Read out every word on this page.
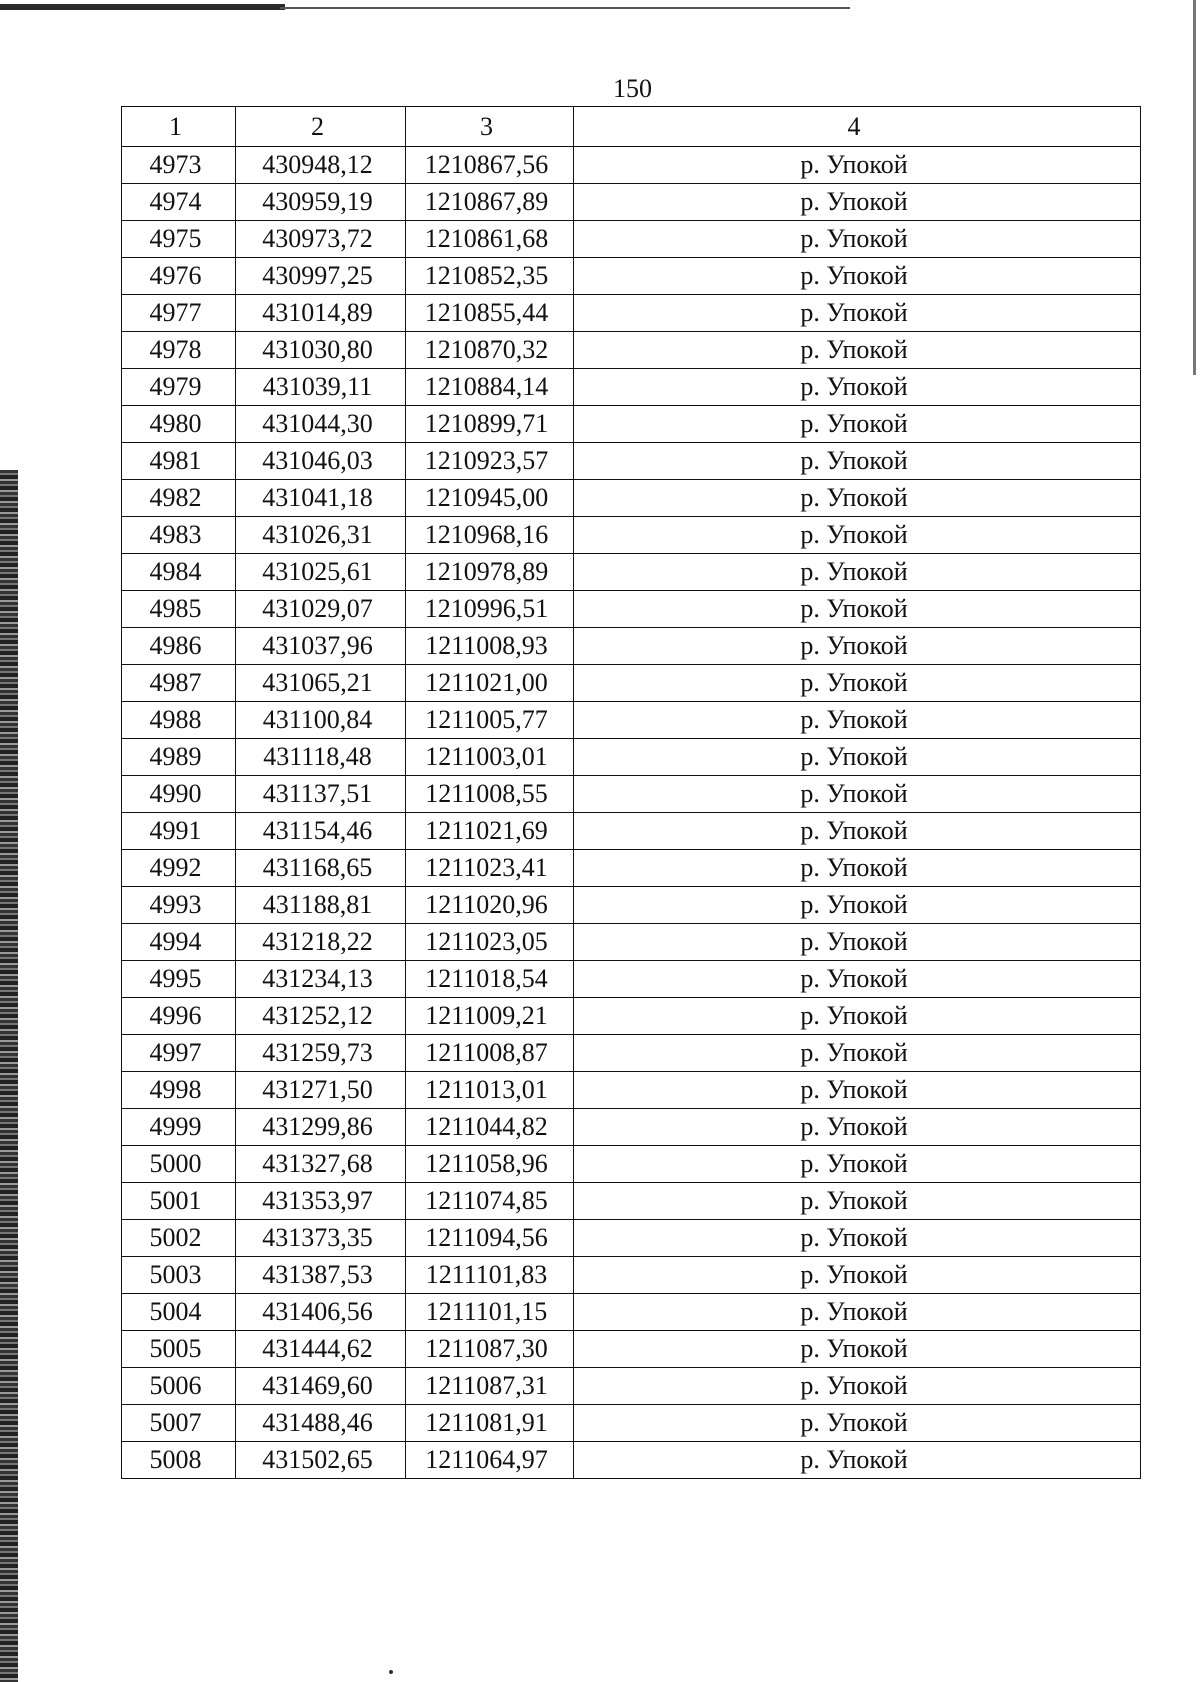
150
1	2	3	4
4973	430948,12	1210867,56	р. Упокой
4974	430959,19	1210867,89	р. Упокой
4975	430973,72	1210861,68	р. Упокой
4976	430997,25	1210852,35	р. Упокой
4977	431014,89	1210855,44	р. Упокой
4978	431030,80	1210870,32	р. Упокой
4979	431039,11	1210884,14	р. Упокой
4980	431044,30	1210899,71	р. Упокой
4981	431046,03	1210923,57	р. Упокой
4982	431041,18	1210945,00	р. Упокой
4983	431026,31	1210968,16	р. Упокой
4984	431025,61	1210978,89	р. Упокой
4985	431029,07	1210996,51	р. Упокой
4986	431037,96	1211008,93	р. Упокой
4987	431065,21	1211021,00	р. Упокой
4988	431100,84	1211005,77	р. Упокой
4989	431118,48	1211003,01	р. Упокой
4990	431137,51	1211008,55	р. Упокой
4991	431154,46	1211021,69	р. Упокой
4992	431168,65	1211023,41	р. Упокой
4993	431188,81	1211020,96	р. Упокой
4994	431218,22	1211023,05	р. Упокой
4995	431234,13	1211018,54	р. Упокой
4996	431252,12	1211009,21	р. Упокой
4997	431259,73	1211008,87	р. Упокой
4998	431271,50	1211013,01	р. Упокой
4999	431299,86	1211044,82	р. Упокой
5000	431327,68	1211058,96	р. Упокой
5001	431353,97	1211074,85	р. Упокой
5002	431373,35	1211094,56	р. Упокой
5003	431387,53	1211101,83	р. Упокой
5004	431406,56	1211101,15	р. Упокой
5005	431444,62	1211087,30	р. Упокой
5006	431469,60	1211087,31	р. Упокой
5007	431488,46	1211081,91	р. Упокой
5008	431502,65	1211064,97	р. Упокой
